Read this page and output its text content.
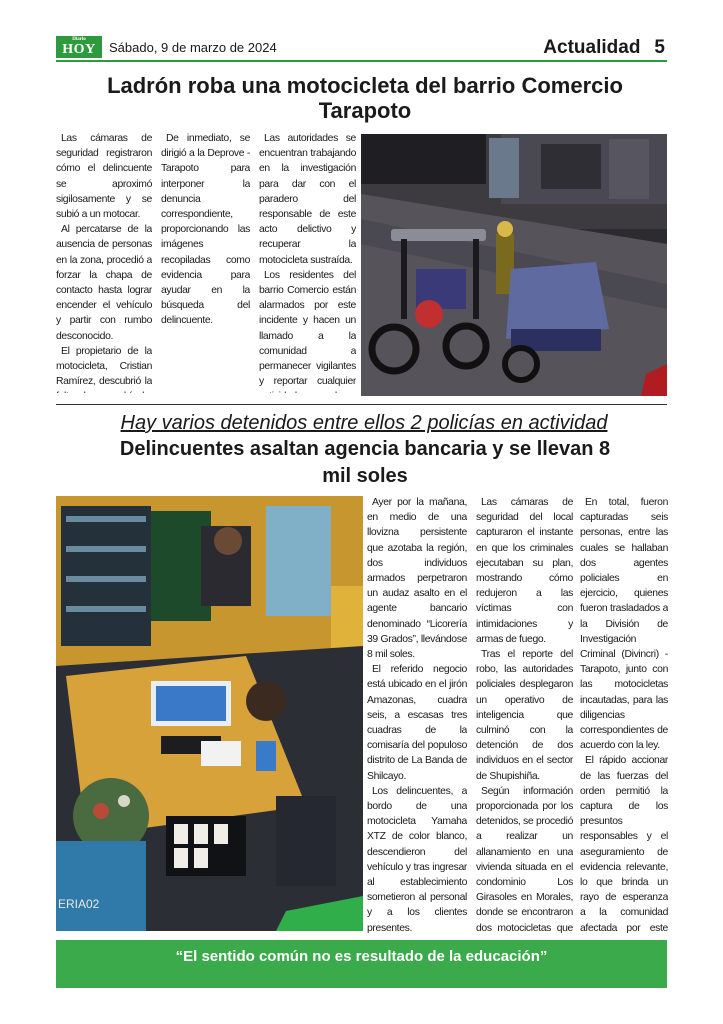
Diario
HOY	Sábado, 9 de marzo de 2024	Actualidad 5
Ladrón roba una motocicleta del barrio Comercio Tarapoto

Las cámaras de seguridad registraron cómo el delincuente se aproximó sigilosamente y se subió a un motocar.

Al percatarse de la ausencia de personas en la zona, procedió a forzar la chapa de contacto hasta lograr encender el vehículo y partir con rumbo desconocido.

El propietario de la motocicleta, Cristian Ramírez, descubrió la

De inmediato, se dirigió a la Deprove - Tarapoto para interponer la denuncia correspondiente, proporcionando las imágenes recopiladas como evidencia para ayudar en la búsqueda del delincuente.

Las autoridades se encuentran trabajando en la investigación para dar con el paradero del responsable de este acto delictivo y recuperar la motocicleta sustraída.

Los residentes del barrio Comercio están alarmados por este incidente y hacen un llamado a la comunidad a permanecer vigilantes y reportar cualquier

Hay varios detenidos entre ellos 2 policías en actividad
Delincuentes asaltan agencia bancaria y se llevan 8 mil soles
ERIA02

Ayer por la mañana, en medio de una llovizna persistente que azotaba la región, dos individuos armados perpetraron un audaz asalto en el agente bancario denominado “Licorería 39 Grados”, llevándose 8 mil soles.

El referido negocio está ubicado en el jirón Amazonas, cuadra seis, a escasas tres cuadras de la comisaría del populoso distrito de La Banda de Shilcayo.

Los delincuentes, a bordo de una motocicleta Yamaha XTZ de color blanco, descendieron del vehículo y tras ingresar al establecimiento sometieron al personal y a los clientes presentes.

Las cámaras de seguridad del local capturaron el instante en que los criminales ejecutaban su plan, mostrando cómo redujeron a las víctimas con intimidaciones y armas de fuego.

Tras el reporte del robo, las autoridades policiales desplegaron un operativo de inteligencia que culminó con la detención de dos individuos en el sector de Shupishiña.

Según información proporcionada por los detenidos, se procedió a realizar un allanamiento en una vivienda situada en el condominio Los Girasoles en Morales, donde se encontraron dos motocicletas que

En total, fueron capturadas seis personas, entre las cuales se hallaban dos agentes policiales en ejercicio, quienes fueron trasladados a la División de Investigación Criminal (Divincri) - Tarapoto, junto con las motocicletas incautadas, para las diligencias correspondientes de acuerdo con la ley.

El rápido accionar de las fuerzas del orden permitió la captura de los presuntos responsables y el aseguramiento de evidencia relevante, lo que brinda un rayo de esperanza a la comunidad afectada por este

“El sentido común no es resultado de la educación”
